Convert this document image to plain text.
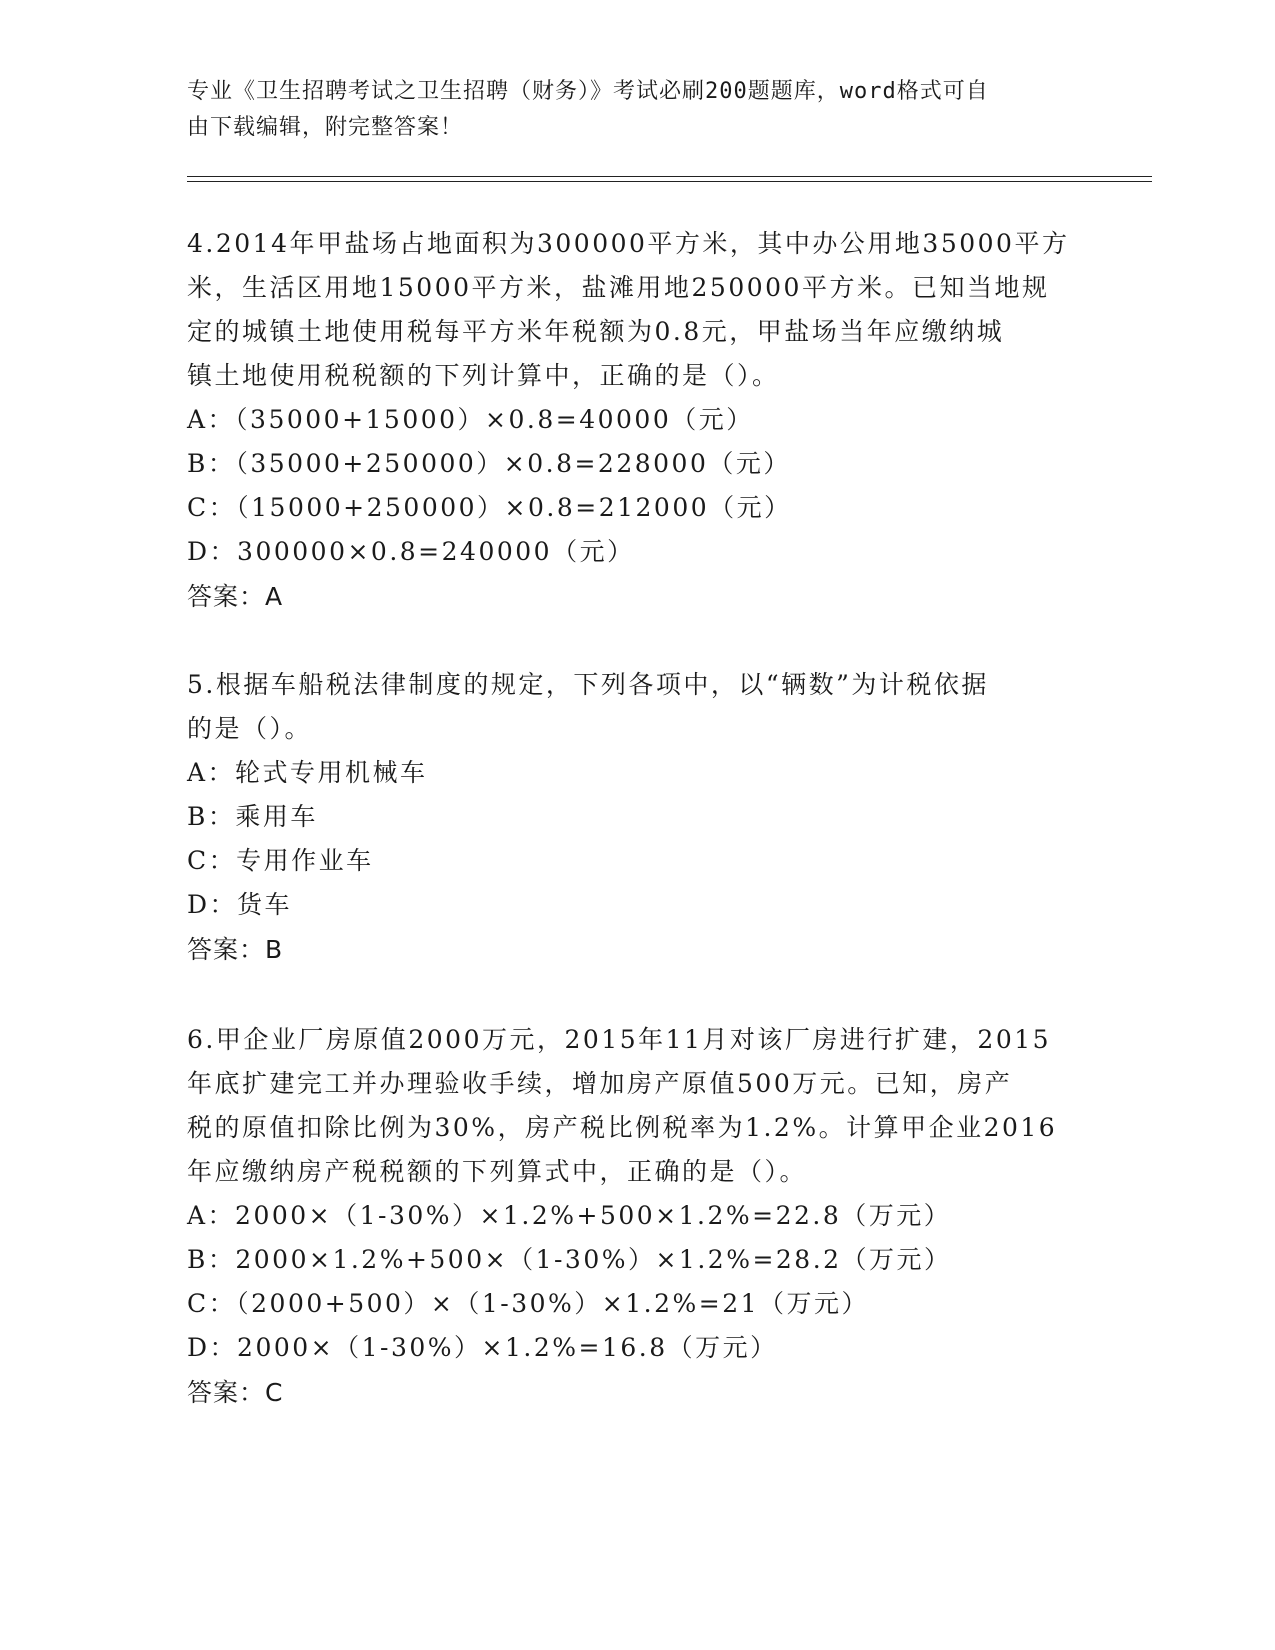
专业《卫生招聘考试之卫生招聘（财务）》考试必刷200题题库，word格式可自
由下载编辑，附完整答案！
4.2014年甲盐场占地面积为300000平方米，其中办公用地35000平方
米，生活区用地15000平方米，盐滩用地250000平方米。已知当地规
定的城镇土地使用税每平方米年税额为0.8元，甲盐场当年应缴纳城
镇土地使用税税额的下列计算中，正确的是（）。
A：（35000+15000）×0.8=40000（元）
B：（35000+250000）×0.8=228000（元）
C：（15000+250000）×0.8=212000（元）
D：300000×0.8=240000（元）
答案：A
5.根据车船税法律制度的规定，下列各项中，以“辆数”为计税依据
的是（）。
A：轮式专用机械车
B：乘用车
C：专用作业车
D：货车
答案：B
6.甲企业厂房原值2000万元，2015年11月对该厂房进行扩建，2015
年底扩建完工并办理验收手续，增加房产原值500万元。已知，房产
税的原值扣除比例为30%，房产税比例税率为1.2%。计算甲企业2016
年应缴纳房产税税额的下列算式中，正确的是（）。
A：2000×（1-30%）×1.2%+500×1.2%=22.8（万元）
B：2000×1.2%+500×（1-30%）×1.2%=28.2（万元）
C：（2000+500）×（1-30%）×1.2%=21（万元）
D：2000×（1-30%）×1.2%=16.8（万元）
答案：C
